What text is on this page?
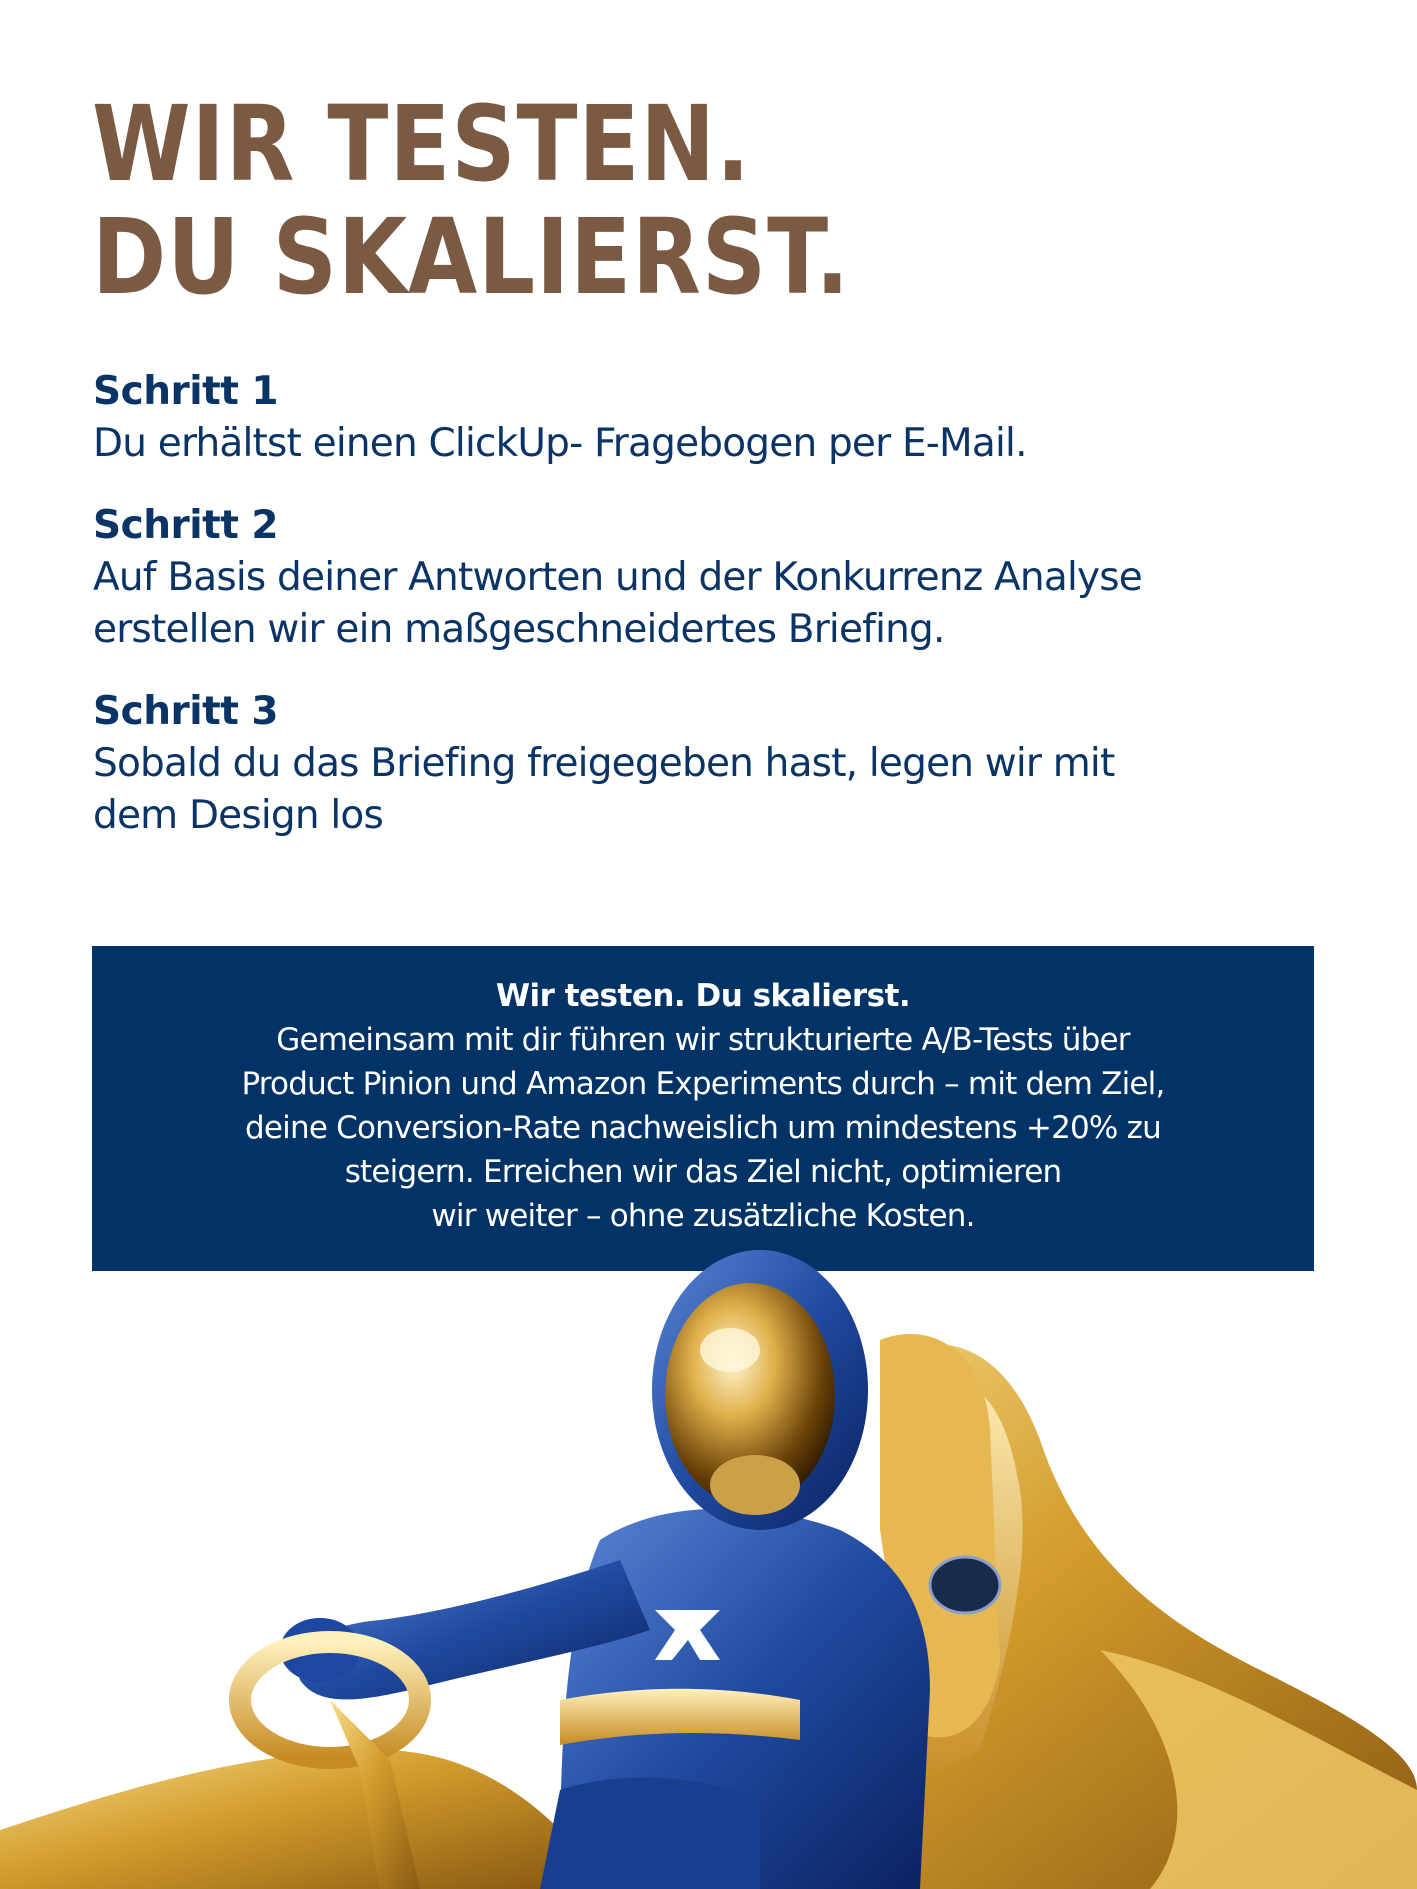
WIR TESTEN.
DU SKALIERST.
Schritt 1
Du erhältst einen ClickUp- Fragebogen per E-Mail.
Schritt 2
Auf Basis deiner Antworten und der Konkurrenz Analyse
erstellen wir ein maßgeschneidertes Briefing.
Schritt 3
Sobald du das Briefing freigegeben hast, legen wir mit
dem Design los
Wir testen. Du skalierst.
Gemeinsam mit dir führen wir strukturierte A/B-Tests über
Product Pinion und Amazon Experiments durch – mit dem Ziel,
deine Conversion-Rate nachweislich um mindestens +20% zu
steigern. Erreichen wir das Ziel nicht, optimieren
wir weiter – ohne zusätzliche Kosten.
